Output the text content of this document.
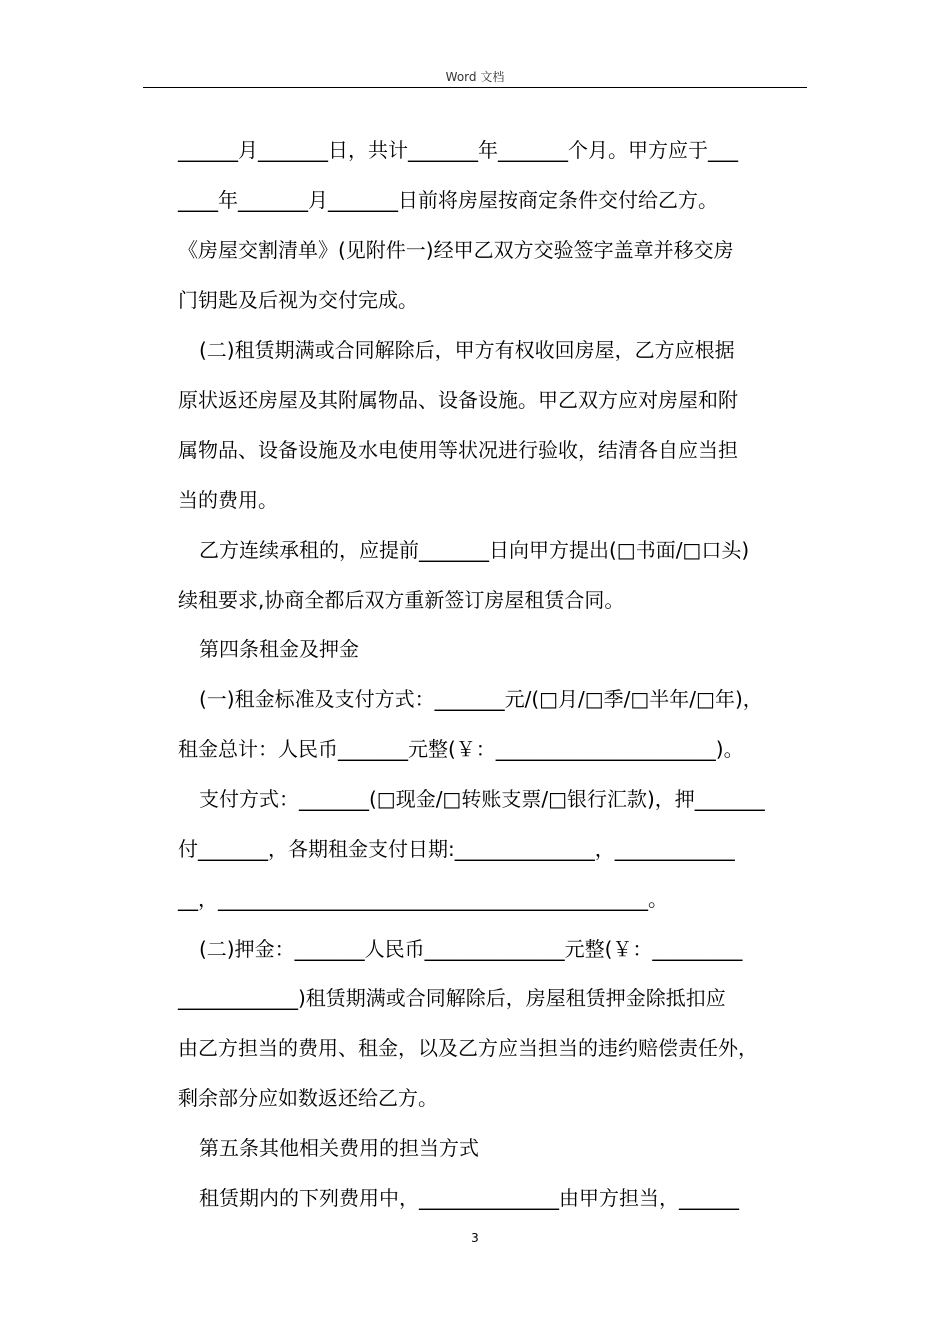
Word 文档
______月_______日，共计_______年_______个月。甲方应于___
____年_______月_______日前将房屋按商定条件交付给乙方。
《房屋交割清单》(见附件一)经甲乙双方交验签字盖章并移交房
门钥匙及后视为交付完成。
(二)租赁期满或合同解除后，甲方有权收回房屋，乙方应根据
原状返还房屋及其附属物品、设备设施。甲乙双方应对房屋和附
属物品、设备设施及水电使用等状况进行验收，结清各自应当担
当的费用。
乙方连续承租的，应提前_______日向甲方提出(□书面/□口头)
续租要求,协商全都后双方重新签订房屋租赁合同。
第四条租金及押金
(一)租金标准及支付方式：_______元/(□月/□季/□半年/□年)，
租金总计：人民币_______元整(￥：______________________)。
支付方式：_______(□现金/□转账支票/□银行汇款)，押_______
付_______，各期租金支付日期:______________，____________
__，___________________________________________。
(二)押金：_______人民币______________元整(￥：_________
____________)租赁期满或合同解除后，房屋租赁押金除抵扣应
由乙方担当的费用、租金，以及乙方应当担当的违约赔偿责任外，
剩余部分应如数返还给乙方。
第五条其他相关费用的担当方式
租赁期内的下列费用中，______________由甲方担当，______
3
